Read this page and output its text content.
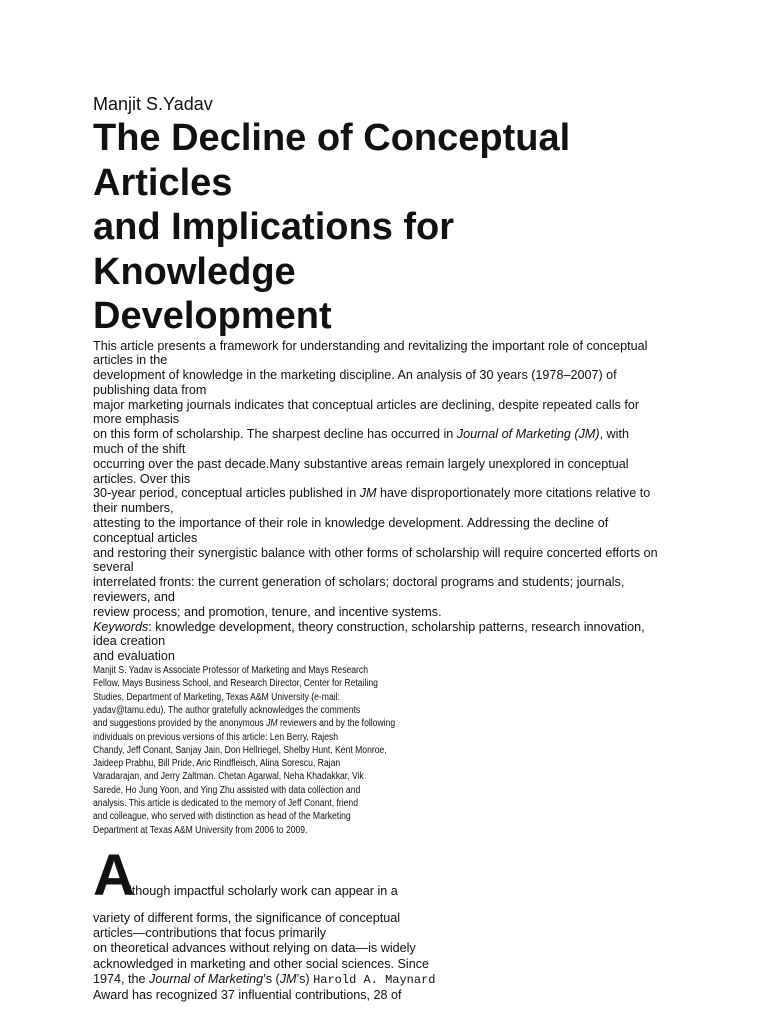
Manjit S.Yadav

The Decline of Conceptual
Articles
and Implications for
Knowledge
Development
This article presents a framework for understanding and revitalizing the important role of conceptual
articles in the
development of knowledge in the marketing discipline. An analysis of 30 years (1978–2007) of
publishing data from
major marketing journals indicates that conceptual articles are declining, despite repeated calls for
more emphasis
on this form of scholarship. The sharpest decline has occurred in Journal of Marketing (JM), with
much of the shift
occurring over the past decade.Many substantive areas remain largely unexplored in conceptual
articles. Over this
30-year period, conceptual articles published in JM have disproportionately more citations relative to
their numbers,
attesting to the importance of their role in knowledge development. Addressing the decline of
conceptual articles
and restoring their synergistic balance with other forms of scholarship will require concerted efforts on
several
interrelated fronts: the current generation of scholars; doctoral programs and students; journals,
reviewers, and
review process; and promotion, tenure, and incentive systems.
Keywords: knowledge development, theory construction, scholarship patterns, research innovation,
idea creation
and evaluation
Manjit S. Yadav is Associate Professor of Marketing and Mays Research
Fellow, Mays Business School, and Research Director, Center for Retailing
Studies, Department of Marketing, Texas A&M University (e-mail:
yadav@tamu.edu). The author gratefully acknowledges the comments
and suggestions provided by the anonymous JM reviewers and by the following
individuals on previous versions of this article: Len Berry, Rajesh
Chandy, Jeff Conant, Sanjay Jain, Don Hellriegel, Shelby Hunt, Kent Monroe,
Jaideep Prabhu, Bill Pride, Aric Rindfleisch, Alina Sorescu, Rajan
Varadarajan, and Jerry Zaltman. Chetan Agarwal, Neha Khadakkar, Vik
Sarede, Ho Jung Yoon, and Ying Zhu assisted with data collection and
analysis. This article is dedicated to the memory of Jeff Conant, friend
and colleague, who served with distinction as head of the Marketing
Department at Texas A&M University from 2006 to 2009.
A
lthough impactful scholarly work can appear in a
variety of different forms, the significance of conceptual
articles—contributions that focus primarily
on theoretical advances without relying on data—is widely
acknowledged in marketing and other social sciences. Since
1974, the Journal of Marketing’s (JM’s) Harold A. Maynard
Award has recognized 37 influential contributions, 28 of
